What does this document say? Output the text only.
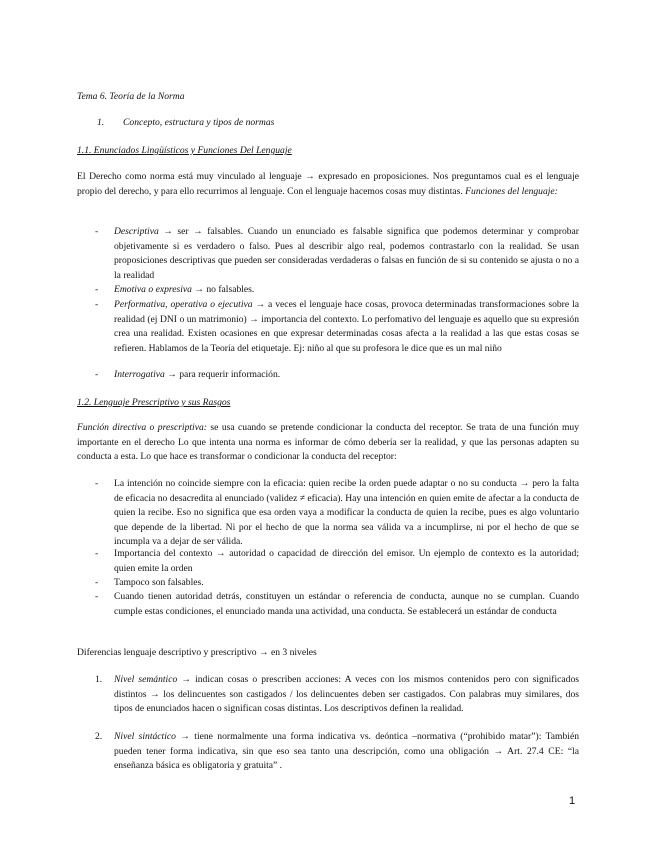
Tema 6. Teoría de la Norma
1. Concepto, estructura y tipos de normas
1.1. Enunciados Lingüísticos y Funciones Del Lenguaje

El Derecho como norma está muy vinculado al lenguaje → expresado en proposiciones. Nos preguntamos cual es el lenguaje propio del derecho, y para ello recurrimos al lenguaje. Con el lenguaje hacemos cosas muy distintas. Funciones del lenguaje:

- Descriptiva → ser → falsables. Cuando un enunciado es falsable significa que podemos determinar y comprobar objetivamente si es verdadero o falso. Pues al describir algo real, podemos contrastarlo con la realidad. Se usan proposiciones descriptivas que pueden ser consideradas verdaderas o falsas en función de si su contenido se ajusta o no a la realidad

- Emotiva o expresiva → no falsables.

- Performativa, operativa o ejecutiva → a veces el lenguaje hace cosas, provoca determinadas transformaciones sobre la realidad (ej DNI o un matrimonio) → importancia del contexto. Lo perfomativo del lenguaje es aquello que su expresión crea una realidad. Existen ocasiones en que expresar determinadas cosas afecta a la realidad a las que estas cosas se refieren. Hablamos de la Teoría del etiquetaje. Ej: niño al que su profesora le dice que es un mal niño

- Interrogativa → para requerir información.

1.2. Lenguaje Prescriptivo y sus Rasgos

Función directiva o prescriptiva: se usa cuando se pretende condicionar la conducta del receptor. Se trata de una función muy importante en el derecho Lo que intenta una norma es informar de cómo debería ser la realidad, y que las personas adapten su conducta a esta. Lo que hace es transformar o condicionar la conducta del receptor:

- La intención no coincide siempre con la eficacia: quien recibe la orden puede adaptar o no su conducta → pero la falta de eficacia no desacredita al enunciado (validez ≠ eficacia). Hay una intención en quien emite de afectar a la conducta de quien la recibe. Eso no significa que esa orden vaya a modificar la conducta de quien la recibe, pues es algo voluntario que depende de la libertad. Ni por el hecho de que la norma sea válida va a incumplirse, ni por el hecho de que se incumpla va a dejar de ser válida.

- Importancia del contexto → autoridad o capacidad de dirección del emisor. Un ejemplo de contexto es la autoridad; quien emite la orden

- Tampoco son falsables.

- Cuando tienen autoridad detrás, constituyen un estándar o referencia de conducta, aunque no se cumplan. Cuando cumple estas condiciones, el enunciado manda una actividad, una conducta. Se establecerá un estándar de conducta

Diferencias lenguaje descriptivo y prescriptivo → en 3 niveles

1. Nivel semántico → indican cosas o prescriben acciones: A veces con los mismos contenidos pero con significados distintos → los delincuentes son castigados / los delincuentes deben ser castigados. Con palabras muy similares, dos tipos de enunciados hacen o significan cosas distintas. Los descriptivos definen la realidad.

2. Nivel sintáctico → tiene normalmente una forma indicativa vs. deóntica –normativa (“prohibido matar”): También pueden tener forma indicativa, sin que eso sea tanto una descripción, como una obligación → Art. 27.4 CE: “la enseñanza básica es obligatoria y gratuita” .

1
